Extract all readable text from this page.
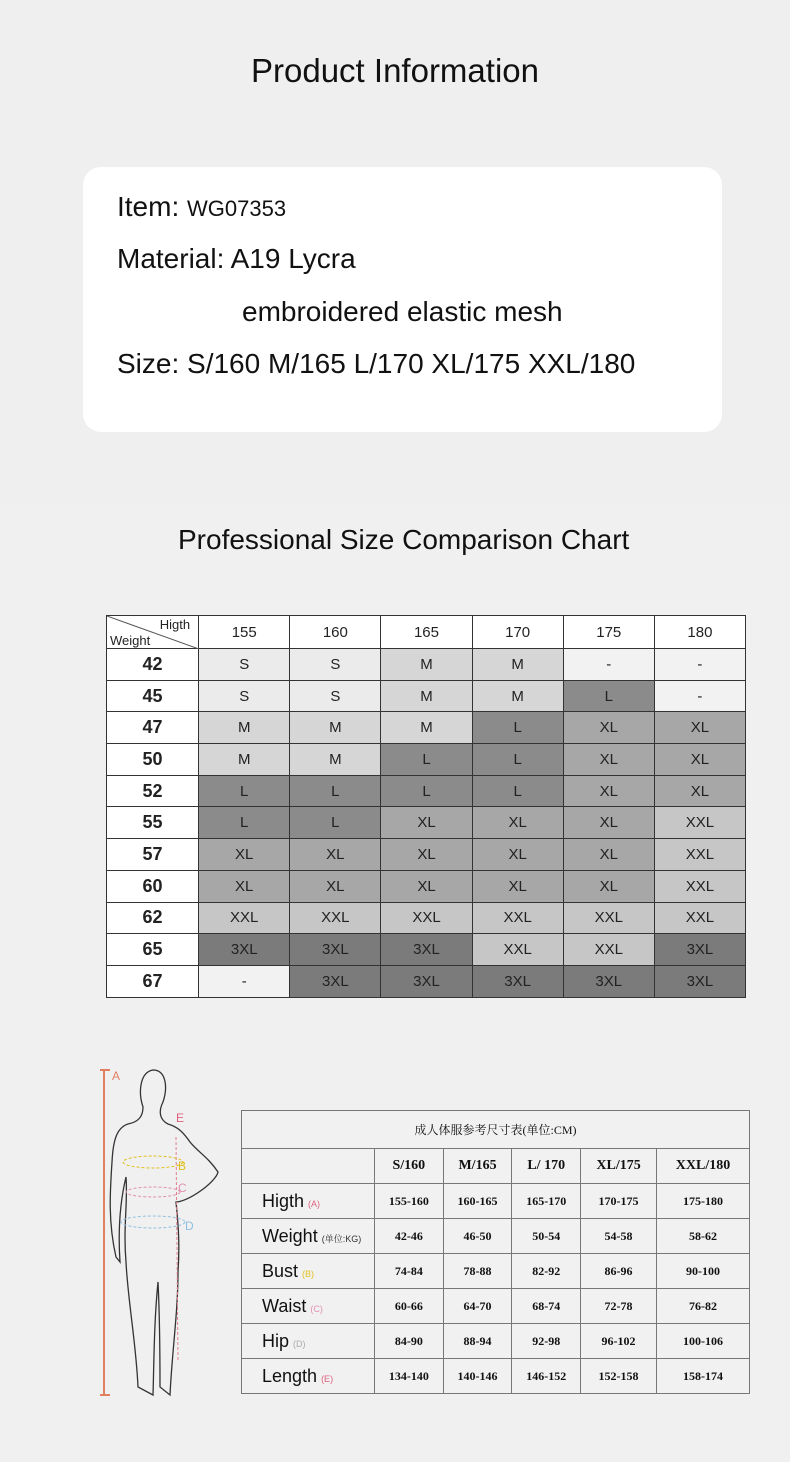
Product Information
Item: WG07353
Material: A19 Lycra
embroidered elastic mesh
Size: S/160 M/165 L/170 XL/175 XXL/180
Professional Size Comparison Chart
Higth
Weight	155	160	165	170	175	180
42	S	S	M	M	-	-
45	S	S	M	M	L	-
47	M	M	M	L	XL	XL
50	M	M	L	L	XL	XL
52	L	L	L	L	XL	XL
55	L	L	XL	XL	XL	XXL
57	XL	XL	XL	XL	XL	XXL
60	XL	XL	XL	XL	XL	XXL
62	XXL	XXL	XXL	XXL	XXL	XXL
65	3XL	3XL	3XL	XXL	XXL	3XL
67	-	3XL	3XL	3XL	3XL	3XL
A
E
B
C
D
成人体服参考尺寸表(单位:CM)					
	S/160	M/165	L/ 170	XL/175	XXL/180
Higth (A)	155-160	160-165	165-170	170-175	175-180
Weight (单位:KG)	42-46	46-50	50-54	54-58	58-62
Bust (B)	74-84	78-88	82-92	86-96	90-100
Waist (C)	60-66	64-70	68-74	72-78	76-82
Hip (D)	84-90	88-94	92-98	96-102	100-106
Length (E)	134-140	140-146	146-152	152-158	158-174
